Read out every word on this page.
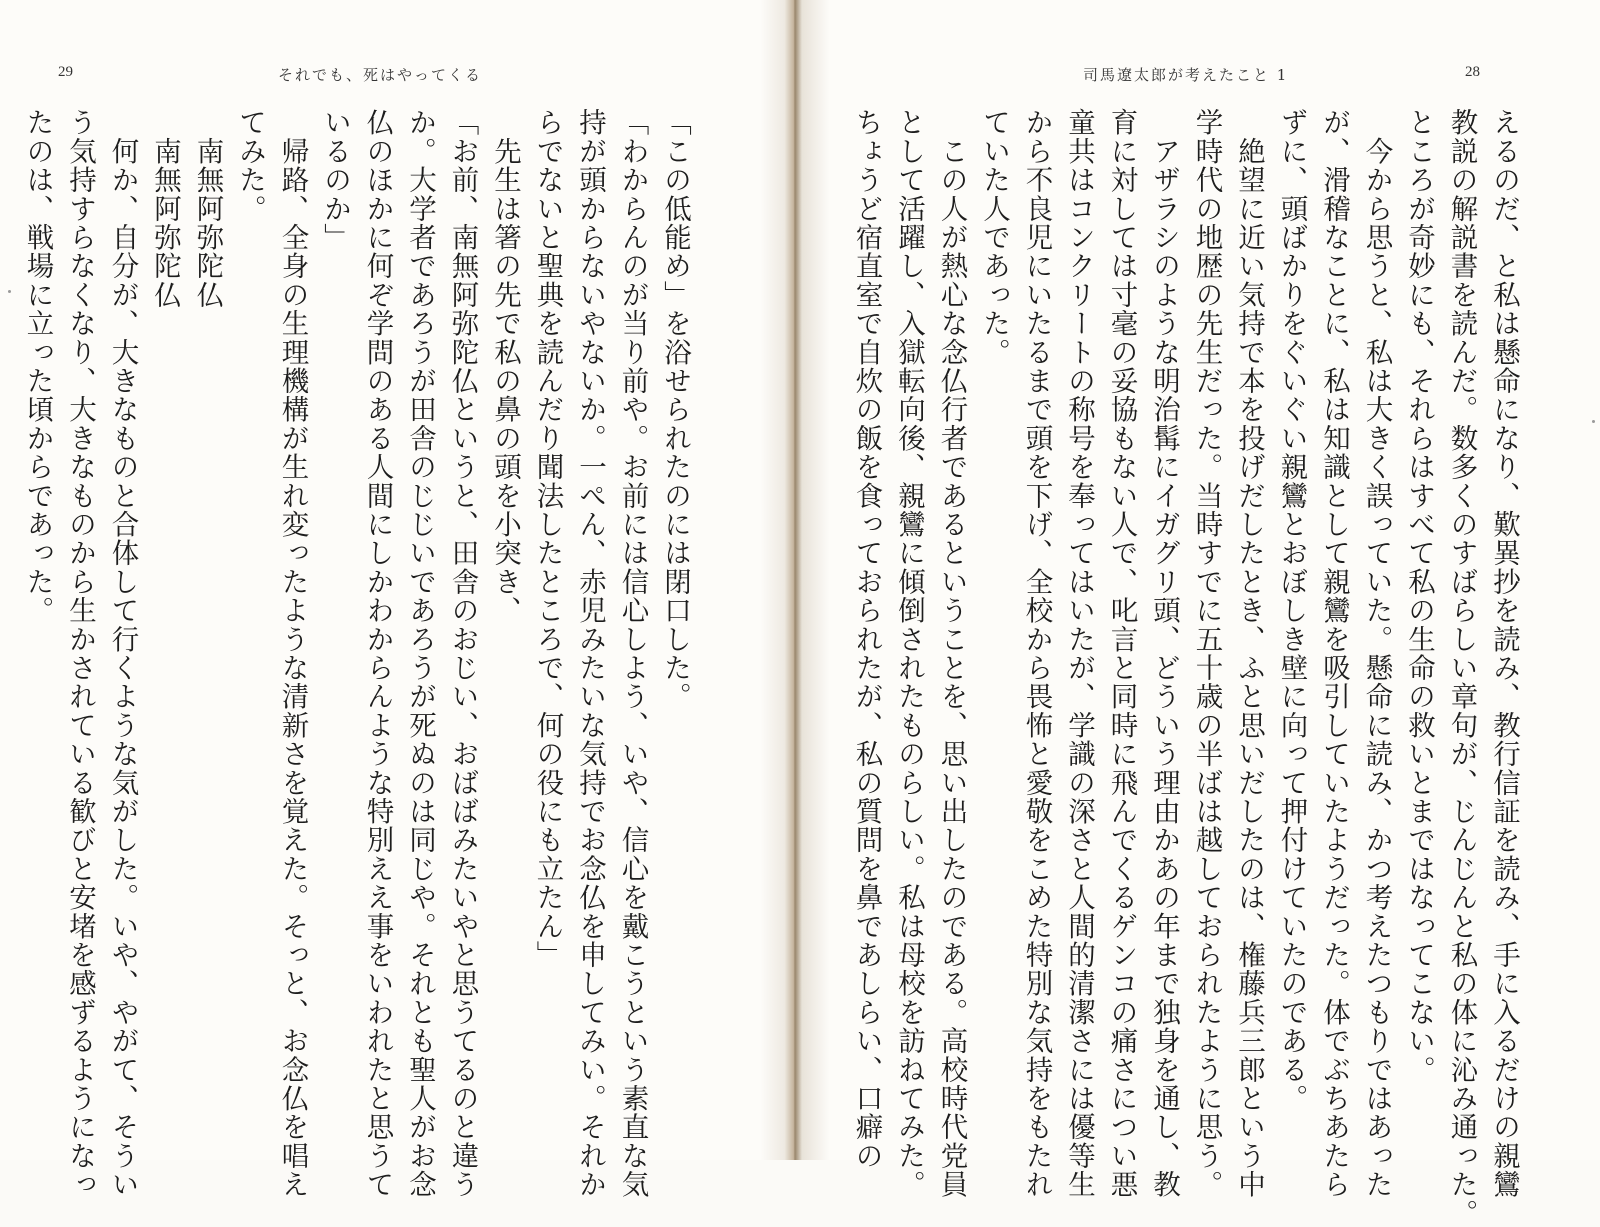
29	それでも、死はやってくる
「この低能め」を浴せられたのには閉口した。
「わからんのが当り前や。お前には信心しよう、いや、信心を戴こうという素直な気
持が頭からないやないか。一ぺん、赤児みたいな気持でお念仏を申してみい。それか
らでないと聖典を読んだり聞法したところで、何の役にも立たん」
　先生は箸の先で私の鼻の頭を小突き、
「お前、南無阿弥陀仏というと、田舎のおじい、おばばみたいやと思うてるのと違う
か。大学者であろうが田舎のじじいであろうが死ぬのは同じや。それとも聖人がお念
仏のほかに何ぞ学問のある人間にしかわからんような特別ええ事をいわれたと思うて
いるのか」
　帰路、全身の生理機構が生れ変ったような清新さを覚えた。そっと、お念仏を唱え
てみた。
　南無阿弥陀仏
　南無阿弥陀仏
　何か、自分が、大きなものと合体して行くような気がした。いや、やがて、そうい
う気持すらなくなり、大きなものから生かされている歓びと安堵を感ずるようになっ
たのは、戦場に立った頃からであった。
司馬遼太郎が考えたこと 1	28
えるのだ、と私は懸命になり、歎異抄を読み、教行信証を読み、手に入るだけの親鸞
教説の解説書を読んだ。数多くのすばらしい章句が、じんじんと私の体に沁み通った。
ところが奇妙にも、それらはすべて私の生命の救いとまではなってこない。
　今から思うと、私は大きく誤っていた。懸命に読み、かつ考えたつもりではあった
が、滑稽なことに、私は知識として親鸞を吸引していたようだった。体でぶちあたら
ずに、頭ばかりをぐいぐい親鸞とおぼしき壁に向って押付けていたのである。
　絶望に近い気持で本を投げだしたとき、ふと思いだしたのは、権藤兵三郎という中
学時代の地歴の先生だった。当時すでに五十歳の半ばは越しておられたように思う。
　アザラシのような明治髯にイガグリ頭、どういう理由かあの年まで独身を通し、教
育に対しては寸毫の妥協もない人で、叱言と同時に飛んでくるゲンコの痛さについ悪
童共はコンクリートの称号を奉ってはいたが、学識の深さと人間的清潔さには優等生
から不良児にいたるまで頭を下げ、全校から畏怖と愛敬をこめた特別な気持をもたれ
ていた人であった。
　この人が熱心な念仏行者であるということを、思い出したのである。高校時代党員
として活躍し、入獄転向後、親鸞に傾倒されたものらしい。私は母校を訪ねてみた。
ちょうど宿直室で自炊の飯を食っておられたが、私の質問を鼻であしらい、口癖の
